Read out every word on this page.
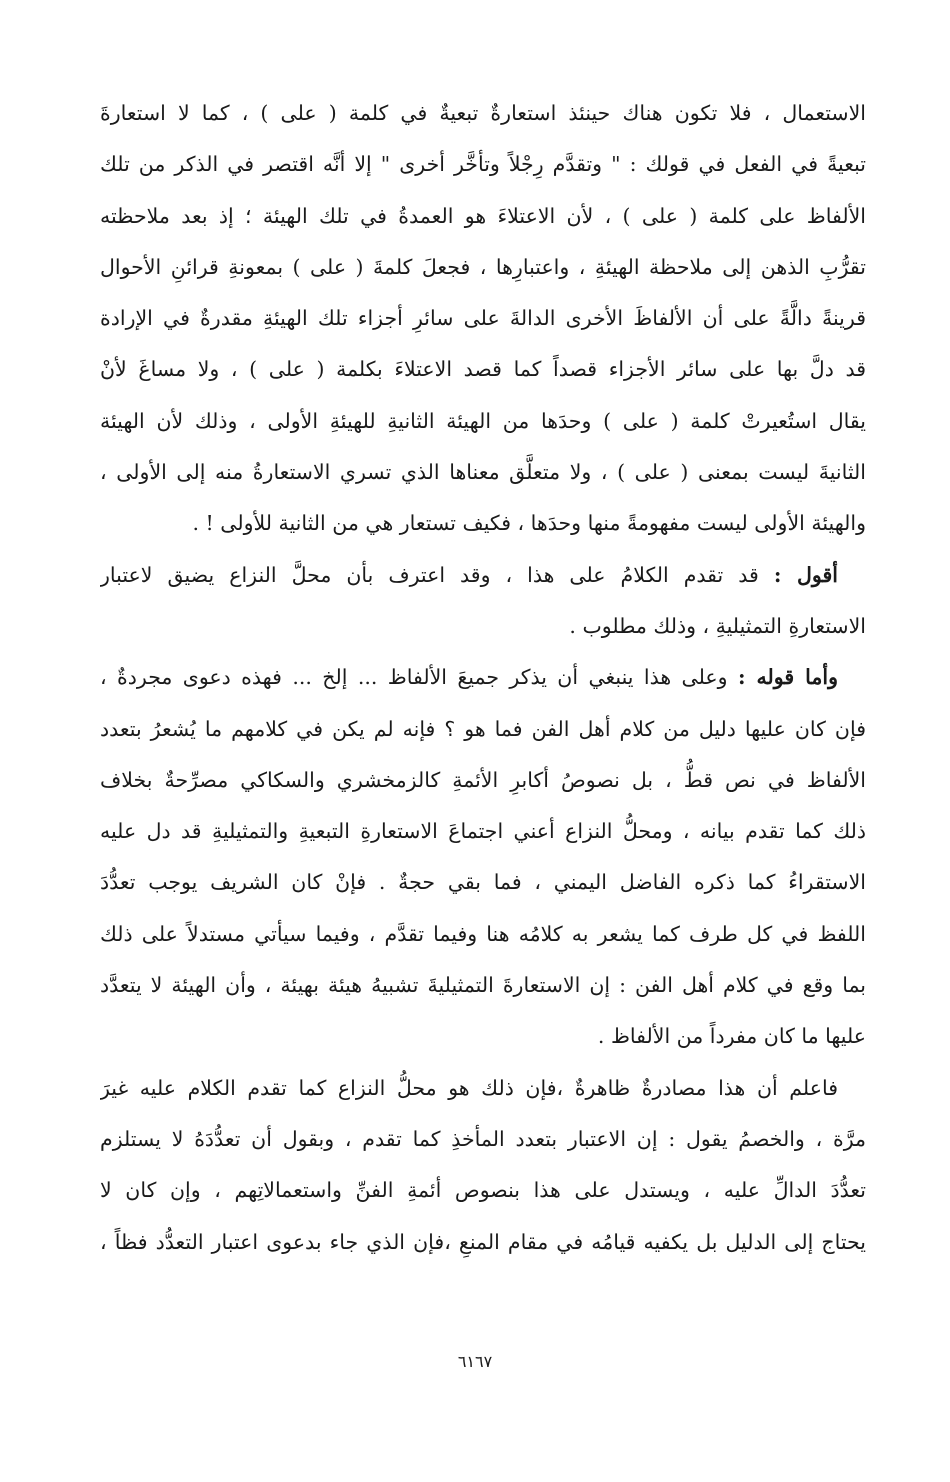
الاستعمال ، فلا تكون هناك حينئذ استعارةٌ تبعيةٌ في كلمة ( على ) ، كما لا استعارةَ
تبعيةً في الفعل في قولك : " وتقدَّم رِجْلاً وتأخَّر أخرى " إلا أنَّه اقتصر في الذكر من تلك
الألفاظ على كلمة ( على ) ، لأن الاعتلاءَ هو العمدةُ في تلك الهيئة ؛ إذ بعد ملاحظته
تقرُّبِ الذهن إلى ملاحظة الهيئةِ ، واعتبارِها ، فجعلَ كلمةَ ( على ) بمعونةِ قرائنِ الأحوال
قرينةً دالَّةً على أن الألفاظَ الأخرى الدالةَ على سائرِ أجزاء تلك الهيئةِ مقدرةٌ في الإرادة
قد دلَّ بها على سائر الأجزاء قصداً كما قصد الاعتلاءَ بكلمة ( على ) ، ولا مساغَ لأنْ
يقال استُعيرتْ كلمة ( على ) وحدَها من الهيئة الثانيةِ للهيئةِ الأولى ، وذلك لأن الهيئة
الثانيةَ ليست بمعنى ( على ) ، ولا متعلَّق معناها الذي تسري الاستعارةُ منه إلى الأولى ،
والهيئة الأولى ليست مفهومةً منها وحدَها ، فكيف تستعار هي من الثانية للأولى ! .
أقول : قد تقدم الكلامُ على هذا ، وقد اعترف بأن محلَّ النزاع يضيق لاعتبار
الاستعارةِ التمثيليةِ ، وذلك مطلوب .
وأما قوله : وعلى هذا ينبغي أن يذكر جميعَ الألفاظ ... إلخ ... فهذه دعوى مجردةٌ ،
فإن كان عليها دليل من كلام أهل الفن فما هو ؟ فإنه لم يكن في كلامهم ما يُشعرُ بتعدد
الألفاظ في نص قطُّ ، بل نصوصُ أكابرِ الأئمةِ كالزمخشري والسكاكي مصرِّحةٌ بخلاف
ذلك كما تقدم بيانه ، ومحلُّ النزاع أعني اجتماعَ الاستعارةِ التبعيةِ والتمثيليةِ قد دل عليه
الاستقراءُ كما ذكره الفاضل اليمني ، فما بقي حجةٌ . فإنْ كان الشريف يوجب تعدُّدَ
اللفظ في كل طرف كما يشعر به كلامُه هنا وفيما تقدَّم ، وفيما سيأتي مستدلاً على ذلك
بما وقع في كلام أهل الفن : إن الاستعارةَ التمثيليةَ تشبيهُ هيئة بهيئة ، وأن الهيئة لا يتعدَّد
عليها ما كان مفرداً من الألفاظ .
فاعلم أن هذا مصادرةٌ ظاهرةٌ ،فإن ذلك هو محلُّ النزاع كما تقدم الكلام عليه غيرَ
مرَّة ، والخصمُ يقول : إن الاعتبار بتعدد المأخذِ كما تقدم ، وبقول أن تعدُّدَهُ لا يستلزم
تعدُّدَ الدالِّ عليه ، ويستدل على هذا بنصوص أئمةِ الفنِّ واستعمالاتِهم ، وإن كان لا
يحتاج إلى الدليل بل يكفيه قيامُه في مقام المنعِ ،فإن الذي جاء بدعوى اعتبار التعدُّد فظاً ،
٦١٦٧
